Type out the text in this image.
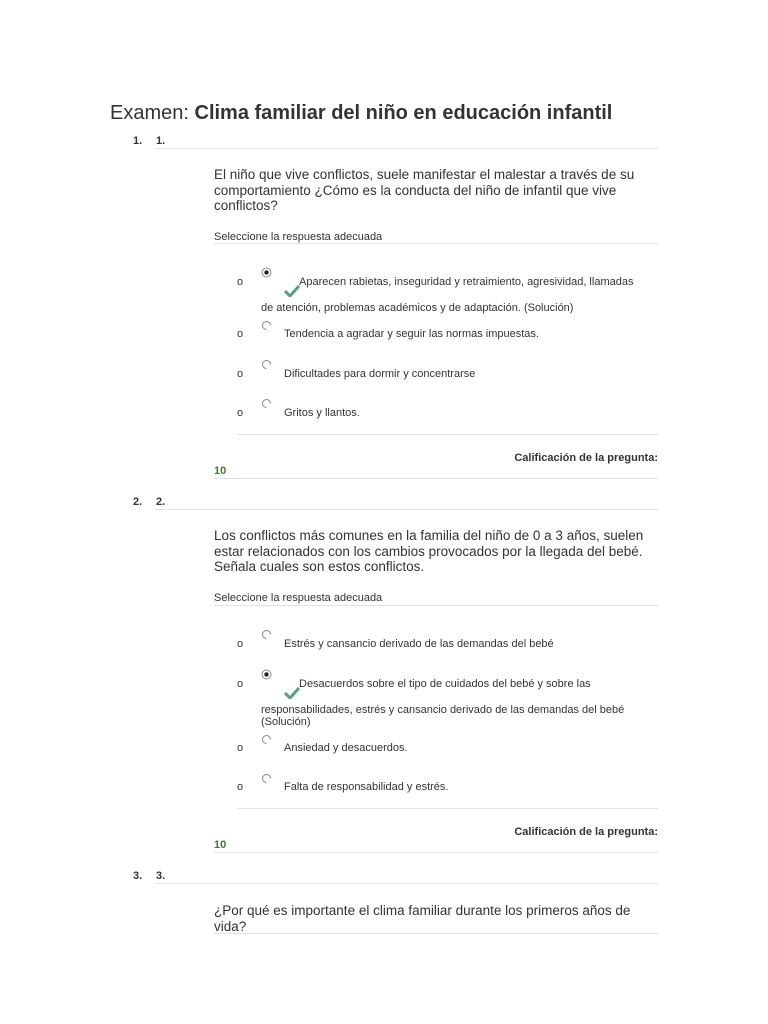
Examen: Clima familiar del niño en educación infantil
1. 1.
El niño que vive conflictos, suele manifestar el malestar a través de su comportamiento ¿Cómo es la conducta del niño de infantil que vive conflictos?
Seleccione la respuesta adecuada
o	Aparecen rabietas, inseguridad y retraimiento, agresividad, llamadas
de atención, problemas académicos y de adaptación. (Solución)
o	Tendencia a agradar y seguir las normas impuestas.
o	Dificultades para dormir y concentrarse
o	Gritos y llantos.
Calificación de la pregunta:
10
2. 2.
Los conflictos más comunes en la familia del niño de 0 a 3 años, suelen estar relacionados con los cambios provocados por la llegada del bebé. Señala cuales son estos conflictos.
Seleccione la respuesta adecuada
o	Estrés y cansancio derivado de las demandas del bebé
o	Desacuerdos sobre el tipo de cuidados del bebé y sobre las
responsabilidades, estrés y cansancio derivado de las demandas del bebé
(Solución)
o	Ansiedad y desacuerdos.
o	Falta de responsabilidad y estrés.
Calificación de la pregunta:
10
3. 3.
¿Por qué es importante el clima familiar durante los primeros años de vida?
